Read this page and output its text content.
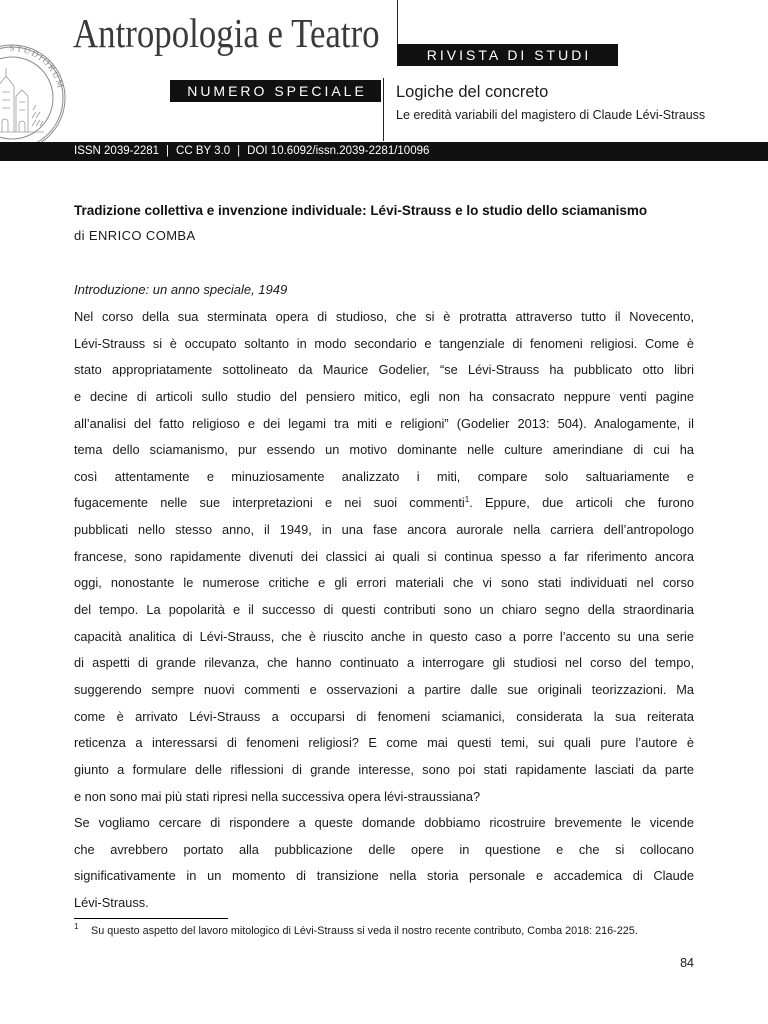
STUDIORUM
Antropologia e Teatro	RIVISTA DI STUDI
NUMERO SPECIALE	Logiche del concreto
Le eredità variabili del magistero di Claude Lévi-Strauss
ISSN 2039-2281 | CC BY 3.0 | DOI 10.6092/issn.2039-2281/10096
Tradizione collettiva e invenzione individuale: Lévi-Strauss e lo studio dello sciamanismo
di ENRICO COMBA
Introduzione: un anno speciale, 1949
Nel corso della sua sterminata opera di studioso, che si è protratta attraverso tutto il Novecento,
Lévi-Strauss si è occupato soltanto in modo secondario e tangenziale di fenomeni religiosi. Come è
stato appropriatamente sottolineato da Maurice Godelier, “se Lévi-Strauss ha pubblicato otto libri
e decine di articoli sullo studio del pensiero mitico, egli non ha consacrato neppure venti pagine
all’analisi del fatto religioso e dei legami tra miti e religioni” (Godelier 2013: 504). Analogamente, il
tema dello sciamanismo, pur essendo un motivo dominante nelle culture amerindiane di cui ha
così attentamente e minuziosamente analizzato i miti, compare solo saltuariamente e
fugacemente nelle sue interpretazioni e nei suoi commenti$^1$. Eppure, due articoli che furono
pubblicati nello stesso anno, il 1949, in una fase ancora aurorale nella carriera dell’antropologo
francese, sono rapidamente divenuti dei classici ai quali si continua spesso a far riferimento ancora
oggi, nonostante le numerose critiche e gli errori materiali che vi sono stati individuati nel corso
del tempo. La popolarità e il successo di questi contributi sono un chiaro segno della straordinaria
capacità analitica di Lévi-Strauss, che è riuscito anche in questo caso a porre l’accento su una serie
di aspetti di grande rilevanza, che hanno continuato a interrogare gli studiosi nel corso del tempo,
suggerendo sempre nuovi commenti e osservazioni a partire dalle sue originali teorizzazioni. Ma
come è arrivato Lévi-Strauss a occuparsi di fenomeni sciamanici, considerata la sua reiterata
reticenza a interessarsi di fenomeni religiosi? E come mai questi temi, sui quali pure l’autore è
giunto a formulare delle riflessioni di grande interesse, sono poi stati rapidamente lasciati da parte
e non sono mai più stati ripresi nella successiva opera lévi-straussiana?
Se vogliamo cercare di rispondere a queste domande dobbiamo ricostruire brevemente le vicende
che avrebbero portato alla pubblicazione delle opere in questione e che si collocano
significativamente in un momento di transizione nella storia personale e accademica di Claude
Lévi-Strauss.
1 Su questo aspetto del lavoro mitologico di Lévi-Strauss si veda il nostro recente contributo, Comba 2018: 216-225.
84
